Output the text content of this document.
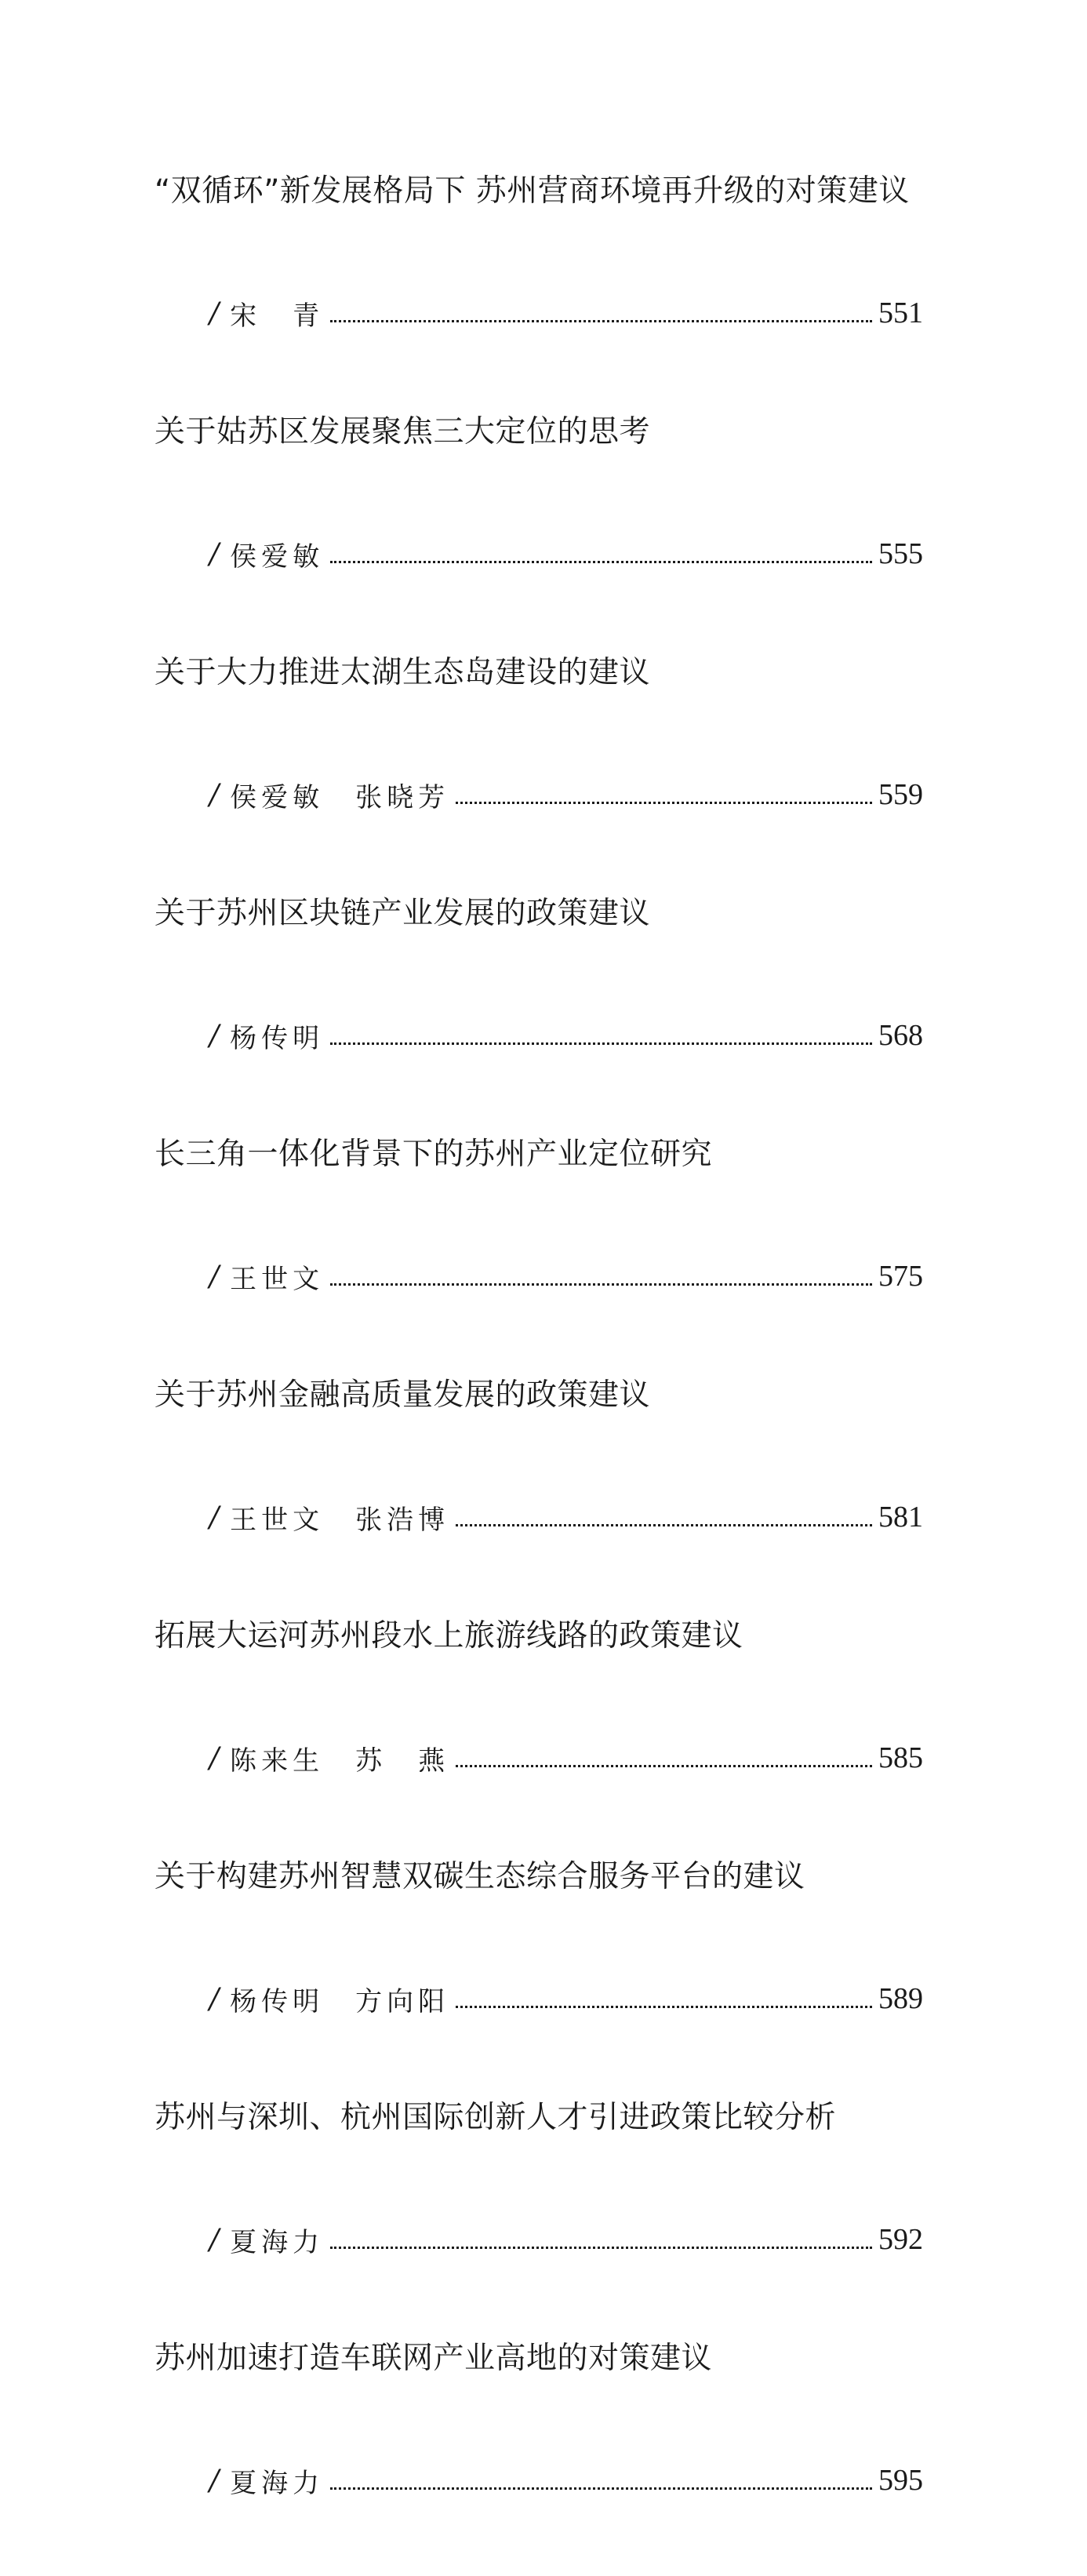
“双循环”新发展格局下 苏州营商环境再升级的对策建议
/ 宋　青	551
关于姑苏区发展聚焦三大定位的思考
/ 侯爱敏	555
关于大力推进太湖生态岛建设的建议
/ 侯爱敏　张晓芳	559
关于苏州区块链产业发展的政策建议
/ 杨传明	568
长三角一体化背景下的苏州产业定位研究
/ 王世文	575
关于苏州金融高质量发展的政策建议
/ 王世文　张浩博	581
拓展大运河苏州段水上旅游线路的政策建议
/ 陈来生　苏　燕	585
关于构建苏州智慧双碳生态综合服务平台的建议
/ 杨传明　方向阳	589
苏州与深圳、杭州国际创新人才引进政策比较分析
/ 夏海力	592
苏州加速打造车联网产业高地的对策建议
/ 夏海力	595
